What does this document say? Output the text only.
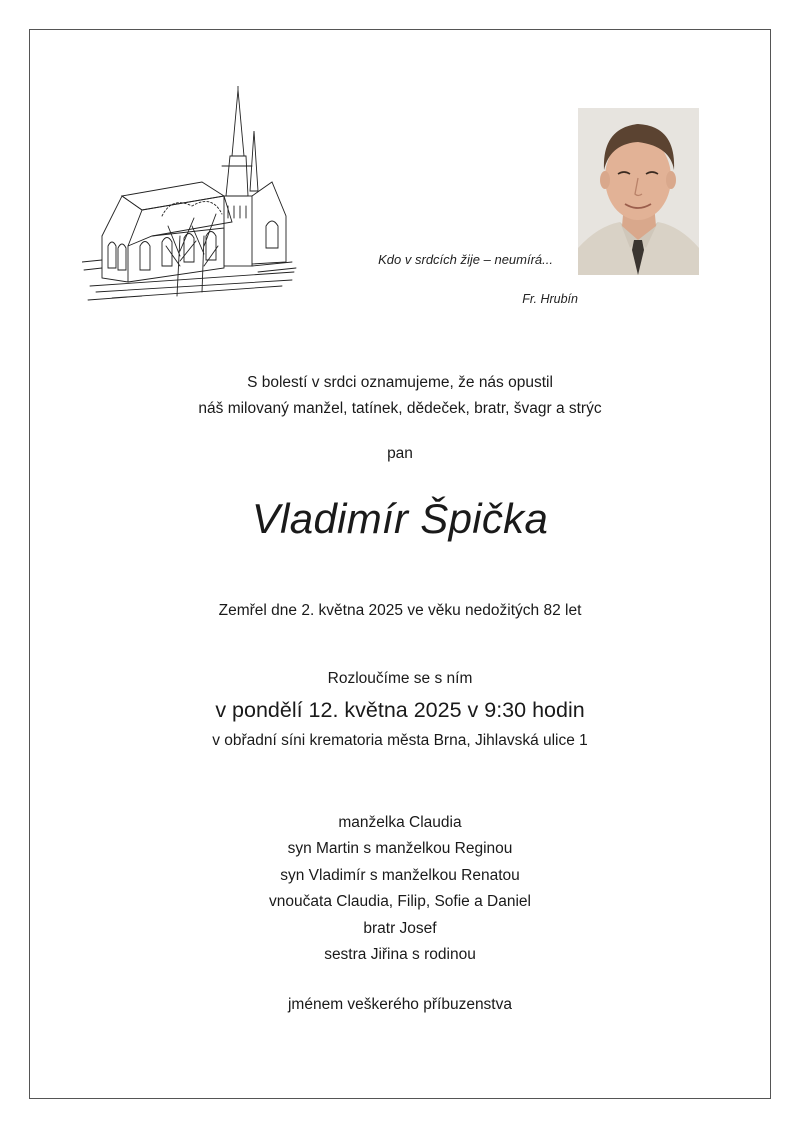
Kdo v srdcích žije – neumírá...
Fr. Hrubín
S bolestí v srdci oznamujeme, že nás opustil
náš milovaný manžel, tatínek, dědeček, bratr, švagr a strýc
pan
Vladimír Špička
Zemřel dne 2. května 2025 ve věku nedožitých 82 let
Rozloučíme se s ním
v pondělí 12. května 2025 v 9:30 hodin
v obřadní síni krematoria města Brna, Jihlavská ulice 1
manželka Claudia
syn Martin s manželkou Reginou
syn Vladimír s manželkou Renatou
vnoučata Claudia, Filip, Sofie a Daniel
bratr Josef
sestra Jiřina s rodinou
jménem veškerého příbuzenstva
